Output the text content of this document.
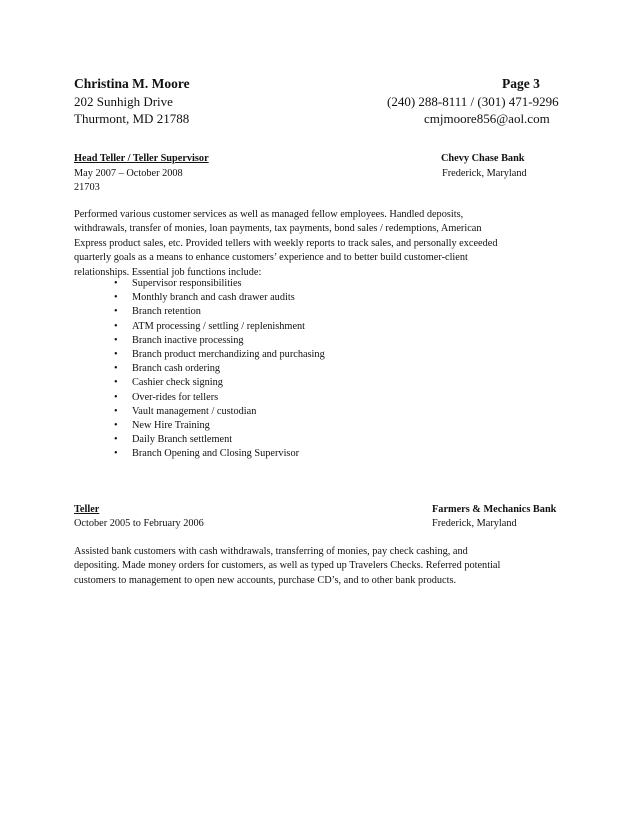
Christina M. Moore	Page 3
202 Sunhigh Drive	(240) 288-8111 / (301) 471-9296
Thurmont, MD 21788	cmjmoore856@aol.com
Head Teller / Teller Supervisor	Chevy Chase Bank
May 2007 – October 2008	Frederick, Maryland
21703

Performed various customer services as well as managed fellow employees. Handled deposits,

withdrawals, transfer of monies, loan payments, tax payments, bond sales / redemptions, American

Express product sales, etc. Provided tellers with weekly reports to track sales, and personally exceeded

quarterly goals as a means to enhance customers’ experience and to better build customer-client

relationships. Essential job functions include:

• Supervisor responsibilities
• Monthly branch and cash drawer audits
• Branch retention
• ATM processing / settling / replenishment
• Branch inactive processing
• Branch product merchandizing and purchasing
• Branch cash ordering
• Cashier check signing
• Over-rides for tellers
• Vault management / custodian
• New Hire Training
• Daily Branch settlement
• Branch Opening and Closing Supervisor
Teller	Farmers & Mechanics Bank
October 2005 to February 2006	Frederick, Maryland

Assisted bank customers with cash withdrawals, transferring of monies, pay check cashing, and

depositing. Made money orders for customers, as well as typed up Travelers Checks. Referred potential

customers to management to open new accounts, purchase CD’s, and to other bank products.
